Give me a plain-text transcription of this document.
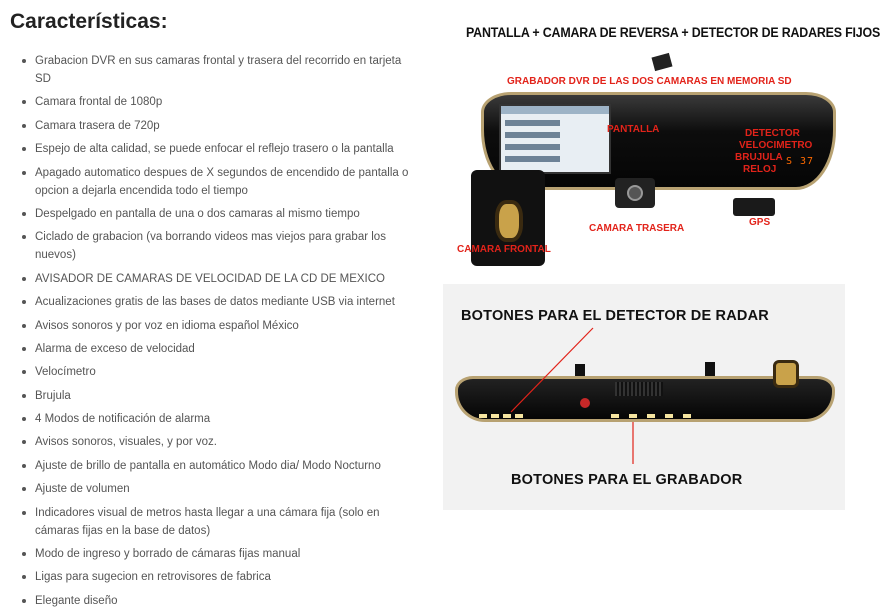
Características:
Grabacion DVR en sus camaras frontal y trasera del recorrido en tarjeta SD
Camara frontal de 1080p
Camara trasera de 720p
Espejo de alta calidad, se puede enfocar el reflejo trasero o la pantalla
Apagado automatico despues de X segundos de encendido de pantalla o opcion a dejarla encendida todo el tiempo
Despelgado en pantalla de una o dos camaras al mismo tiempo
Ciclado de grabacion (va borrando videos mas viejos para grabar los nuevos)
AVISADOR DE CAMARAS DE VELOCIDAD DE LA CD DE MEXICO
Acualizaciones gratis de las bases de datos mediante USB via internet
Avisos sonoros y por voz en idioma español México
Alarma de exceso de velocidad
Velocímetro
Brujula
4 Modos de notificación de alarma
Avisos sonoros, visuales, y por voz.
Ajuste de brillo de pantalla en automático Modo dia/ Modo Nocturno
Ajuste de volumen
Indicadores visual de metros hasta llegar a una cámara fija (solo en cámaras fijas en la base de datos)
Modo de ingreso y borrado de cámaras fijas manual
Ligas para sugecion en retrovisores de fabrica
Elegante diseño
PANTALLA + CAMARA DE REVERSA + DETECTOR DE RADARES FIJOS
GRABADOR DVR DE LAS DOS CAMARAS EN MEMORIA SD
PANTALLA	DETECTOR
VELOCIMETRO
BRUJULA
RELOJ
S 37
CAMARA FRONTAL
CAMARA TRASERA
GPS
BOTONES PARA EL DETECTOR DE RADAR
BOTONES PARA EL GRABADOR
